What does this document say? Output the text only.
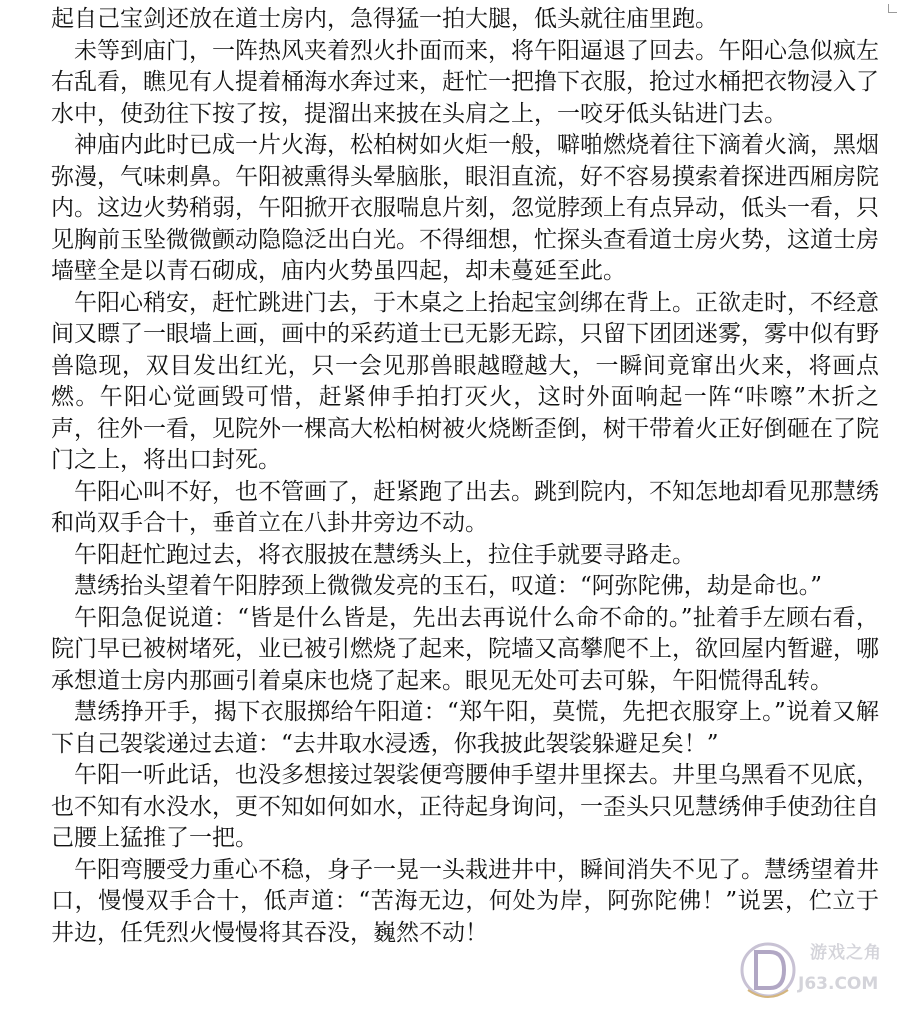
起自己宝剑还放在道士房内，急得猛一拍大腿，低头就往庙里跑。

未等到庙门，一阵热风夹着烈火扑面而来，将午阳逼退了回去。午阳心急似疯左右乱看，瞧见有人提着桶海水奔过来，赶忙一把撸下衣服，抢过水桶把衣物浸入了水中，使劲往下按了按，提溜出来披在头肩之上，一咬牙低头钻进门去。

神庙内此时已成一片火海，松柏树如火炬一般，噼啪燃烧着往下滴着火滴，黑烟弥漫，气味刺鼻。午阳被熏得头晕脑胀，眼泪直流，好不容易摸索着探进西厢房院内。这边火势稍弱，午阳掀开衣服喘息片刻，忽觉脖颈上有点异动，低头一看，只见胸前玉坠微微颤动隐隐泛出白光。不得细想，忙探头查看道士房火势，这道士房墙壁全是以青石砌成，庙内火势虽四起，却未蔓延至此。

午阳心稍安，赶忙跳进门去，于木桌之上抬起宝剑绑在背上。正欲走时，不经意间又瞟了一眼墙上画，画中的采药道士已无影无踪，只留下团团迷雾，雾中似有野兽隐现，双目发出红光，只一会见那兽眼越瞪越大，一瞬间竟窜出火来，将画点燃。午阳心觉画毁可惜，赶紧伸手拍打灭火，这时外面响起一阵“咔嚓”木折之声，往外一看，见院外一棵高大松柏树被火烧断歪倒，树干带着火正好倒砸在了院门之上，将出口封死。

午阳心叫不好，也不管画了，赶紧跑了出去。跳到院内，不知怎地却看见那慧绣和尚双手合十，垂首立在八卦井旁边不动。

午阳赶忙跑过去，将衣服披在慧绣头上，拉住手就要寻路走。

慧绣抬头望着午阳脖颈上微微发亮的玉石，叹道：“阿弥陀佛，劫是命也。”

午阳急促说道：“皆是什么皆是，先出去再说什么命不命的。”扯着手左顾右看，院门早已被树堵死，业已被引燃烧了起来，院墙又高攀爬不上，欲回屋内暂避，哪承想道士房内那画引着桌床也烧了起来。眼见无处可去可躲，午阳慌得乱转。

慧绣挣开手，揭下衣服掷给午阳道：“郑午阳，莫慌，先把衣服穿上。”说着又解下自己袈裟递过去道：“去井取水浸透，你我披此袈裟躲避足矣！”

午阳一听此话，也没多想接过袈裟便弯腰伸手望井里探去。井里乌黑看不见底，也不知有水没水，更不知如何如水，正待起身询问，一歪头只见慧绣伸手使劲往自己腰上猛推了一把。

午阳弯腰受力重心不稳，身子一晃一头栽进井中，瞬间消失不见了。慧绣望着井口，慢慢双手合十，低声道：“苦海无边，何处为岸，阿弥陀佛！”说罢，伫立于井边，任凭烈火慢慢将其吞没，巍然不动！

游戏之角
J63.COM
